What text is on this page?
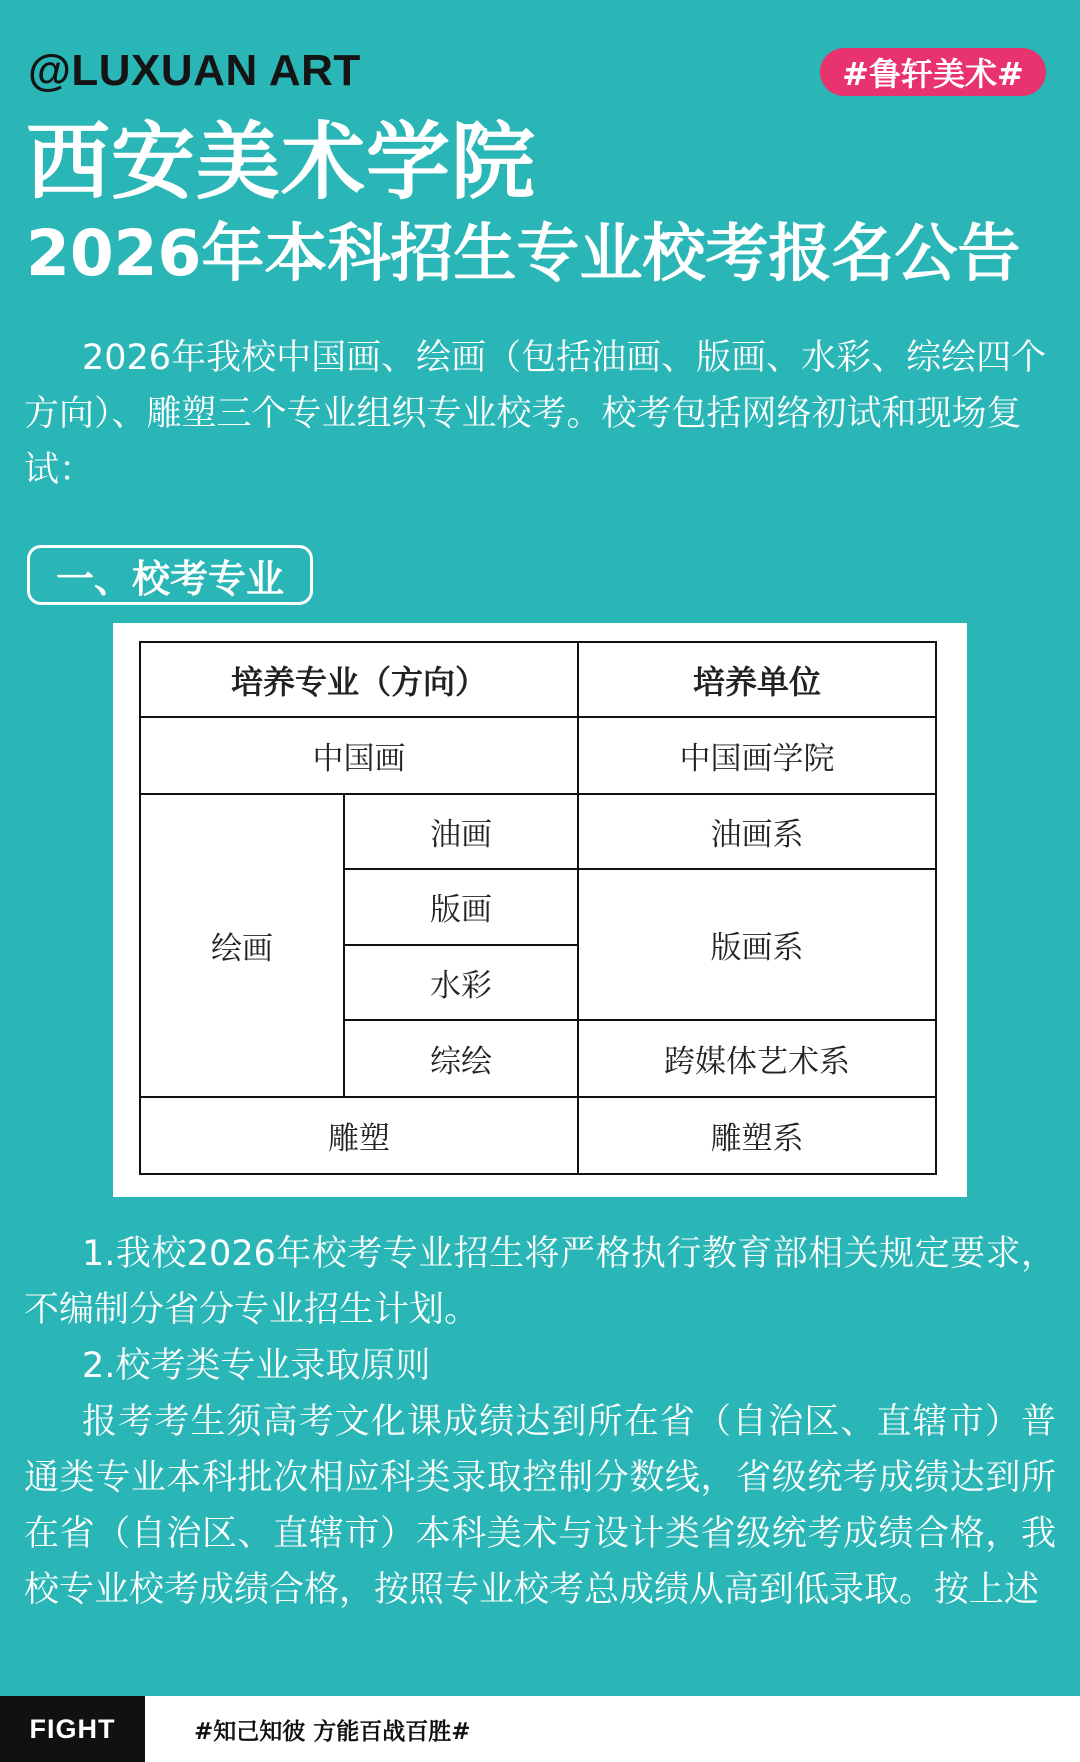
@LUXUAN ART	#鲁轩美术#
西安美术学院
2026年本科招生专业校考报名公告

2026年我校中国画、绘画（包括油画、版画、水彩、综绘四个方向）、雕塑三个专业组织专业校考。校考包括网络初试和现场复试：

一、校考专业
培养专业（方向）		培养单位
中国画		中国画学院
绘画	油画	油画系
	版画	版画系
	水彩	
	综绘	跨媒体艺术系
雕塑		雕塑系

1.我校2026年校考专业招生将严格执行教育部相关规定要求，不编制分省分专业招生计划。

2.校考类专业录取原则

报考考生须高考文化课成绩达到所在省（自治区、直辖市）普通类专业本科批次相应科类录取控制分数线，省级统考成绩达到所在省（自治区、直辖市）本科美术与设计类省级统考成绩合格，我校专业校考成绩合格，按照专业校考总成绩从高到低录取。按上述

FIGHT	#知己知彼 方能百战百胜#
